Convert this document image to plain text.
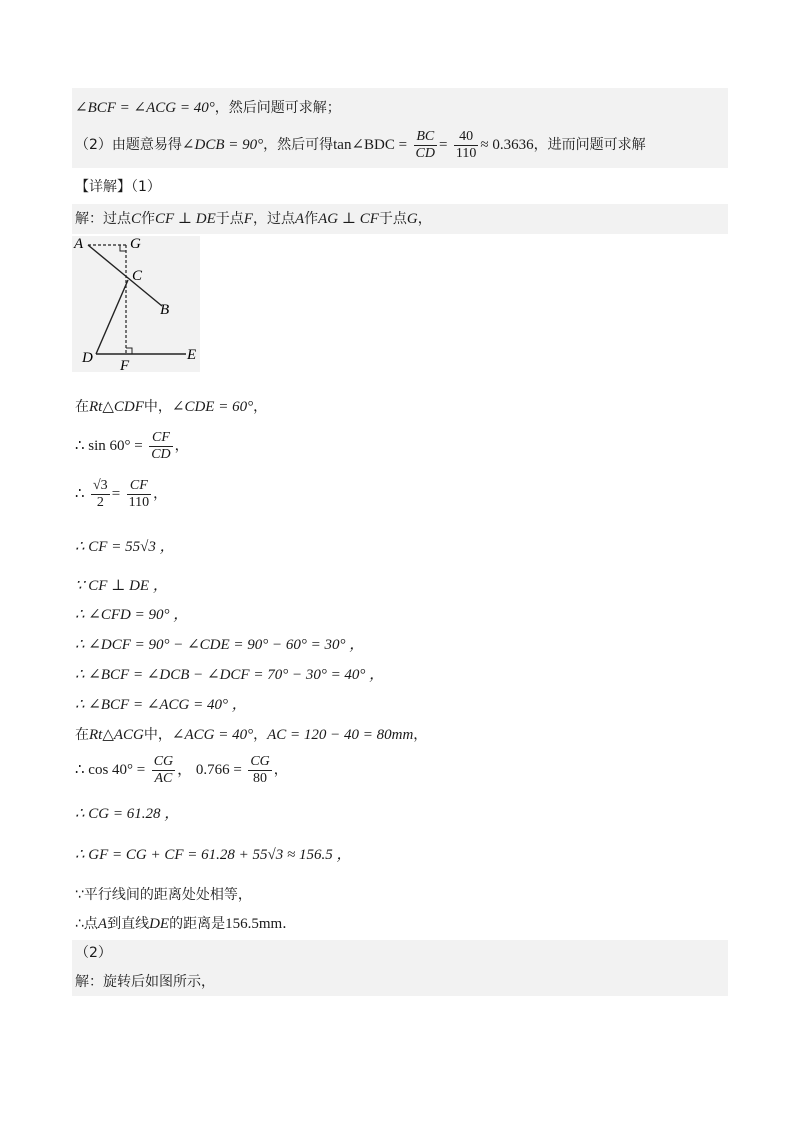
∠BCF = ∠ACG = 40°，然后问题可求解；
（2）由题意易得∠DCB = 90°，然后可得tan∠BDC = $\frac{BC}{CD} = \frac{40}{110} \approx 0.3636$，进而问题可求解
【详解】（1）
解：过点C作CF ⊥ DE于点F，过点A作AG ⊥ CF于点G，
A	G
C
B
D F
E
在Rt△CDF中，∠CDE = 60°，
∴ $\sin 60^\circ = \frac{CF}{CD}$ ，
∴ $\frac{√3}{2} = \frac{CF}{110}$ ，
∴ CF = 55√3 ，
∵ CF ⊥ DE ，
∴ ∠CFD = 90° ，
∴ ∠DCF = 90° − ∠CDE = 90° − 60° = 30° ，
∴ ∠BCF = ∠DCB − ∠DCF = 70° − 30° = 40° ，
∴ ∠BCF = ∠ACG = 40° ，
在Rt△ACG中，∠ACG = 40°，AC = 120 − 40 = 80mm，
∴ $\cos 40^\circ = \frac{CG}{AC}$ ， $0.766 = \frac{CG}{80}$ ，
∴ CG = 61.28 ，
∴ GF = CG + CF = 61.28 + 55√3 ≈ 156.5 ，
∵平行线间的距离处处相等，
∴点A到直线DE的距离是156.5mm．
（2）
解：旋转后如图所示，
